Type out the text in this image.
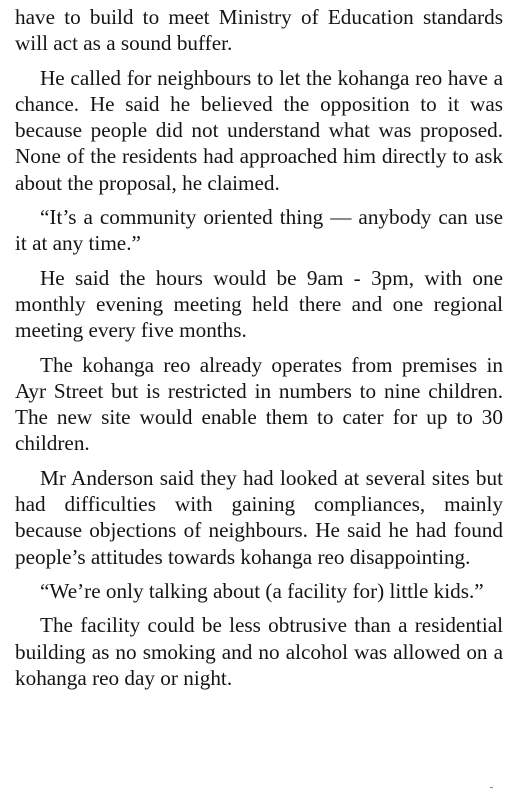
have to build to meet Ministry of Education standards will act as a sound buffer.

He called for neighbours to let the kohanga reo have a chance. He said he believed the opposition to it was because people did not understand what was proposed. None of the residents had approached him directly to ask about the proposal, he claimed.

“It’s a community oriented thing — anybody can use it at any time.”

He said the hours would be 9am - 3pm, with one monthly evening meeting held there and one regional meeting every five months.

The kohanga reo already operates from premises in Ayr Street but is restricted in numbers to nine children. The new site would enable them to cater for up to 30 children.

Mr Anderson said they had looked at several sites but had difficulties with gaining compliances, mainly because objections of neighbours. He said he had found people’s attitudes towards kohanga reo disappointing.

“We’re only talking about (a facility for) little kids.”

The facility could be less obtrusive than a residential building as no smoking and no alcohol was allowed on a kohanga reo day or night.
